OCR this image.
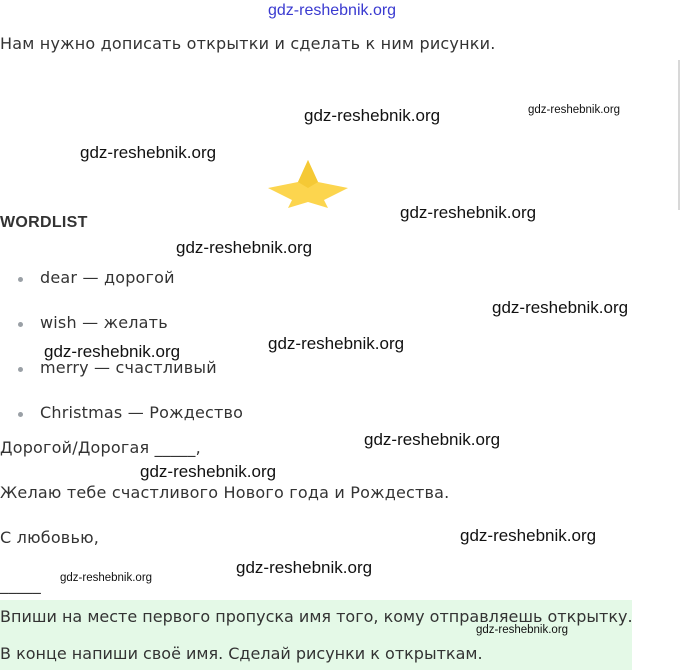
gdz-reshebnik.org
Нам нужно дописать открытки и сделать к ним рисунки.
WORDLIST
dear — дорогой
wish — желать
merry — счастливый
Christmas — Рождество
Дорогой/Дорогая _____,
Желаю тебе счастливого Нового года и Рождества.
С любовью,
_____
Впиши на месте первого пропуска имя того, кому отправляешь открытку.
В конце напиши своё имя. Сделай рисунки к открыткам.
gdz-reshebnik.org
gdz-reshebnik.org
gdz-reshebnik.org
gdz-reshebnik.org
gdz-reshebnik.org
gdz-reshebnik.org
gdz-reshebnik.org
gdz-reshebnik.org
gdz-reshebnik.org
gdz-reshebnik.org
gdz-reshebnik.org
gdz-reshebnik.org
gdz-reshebnik.org
gdz-reshebnik.org
